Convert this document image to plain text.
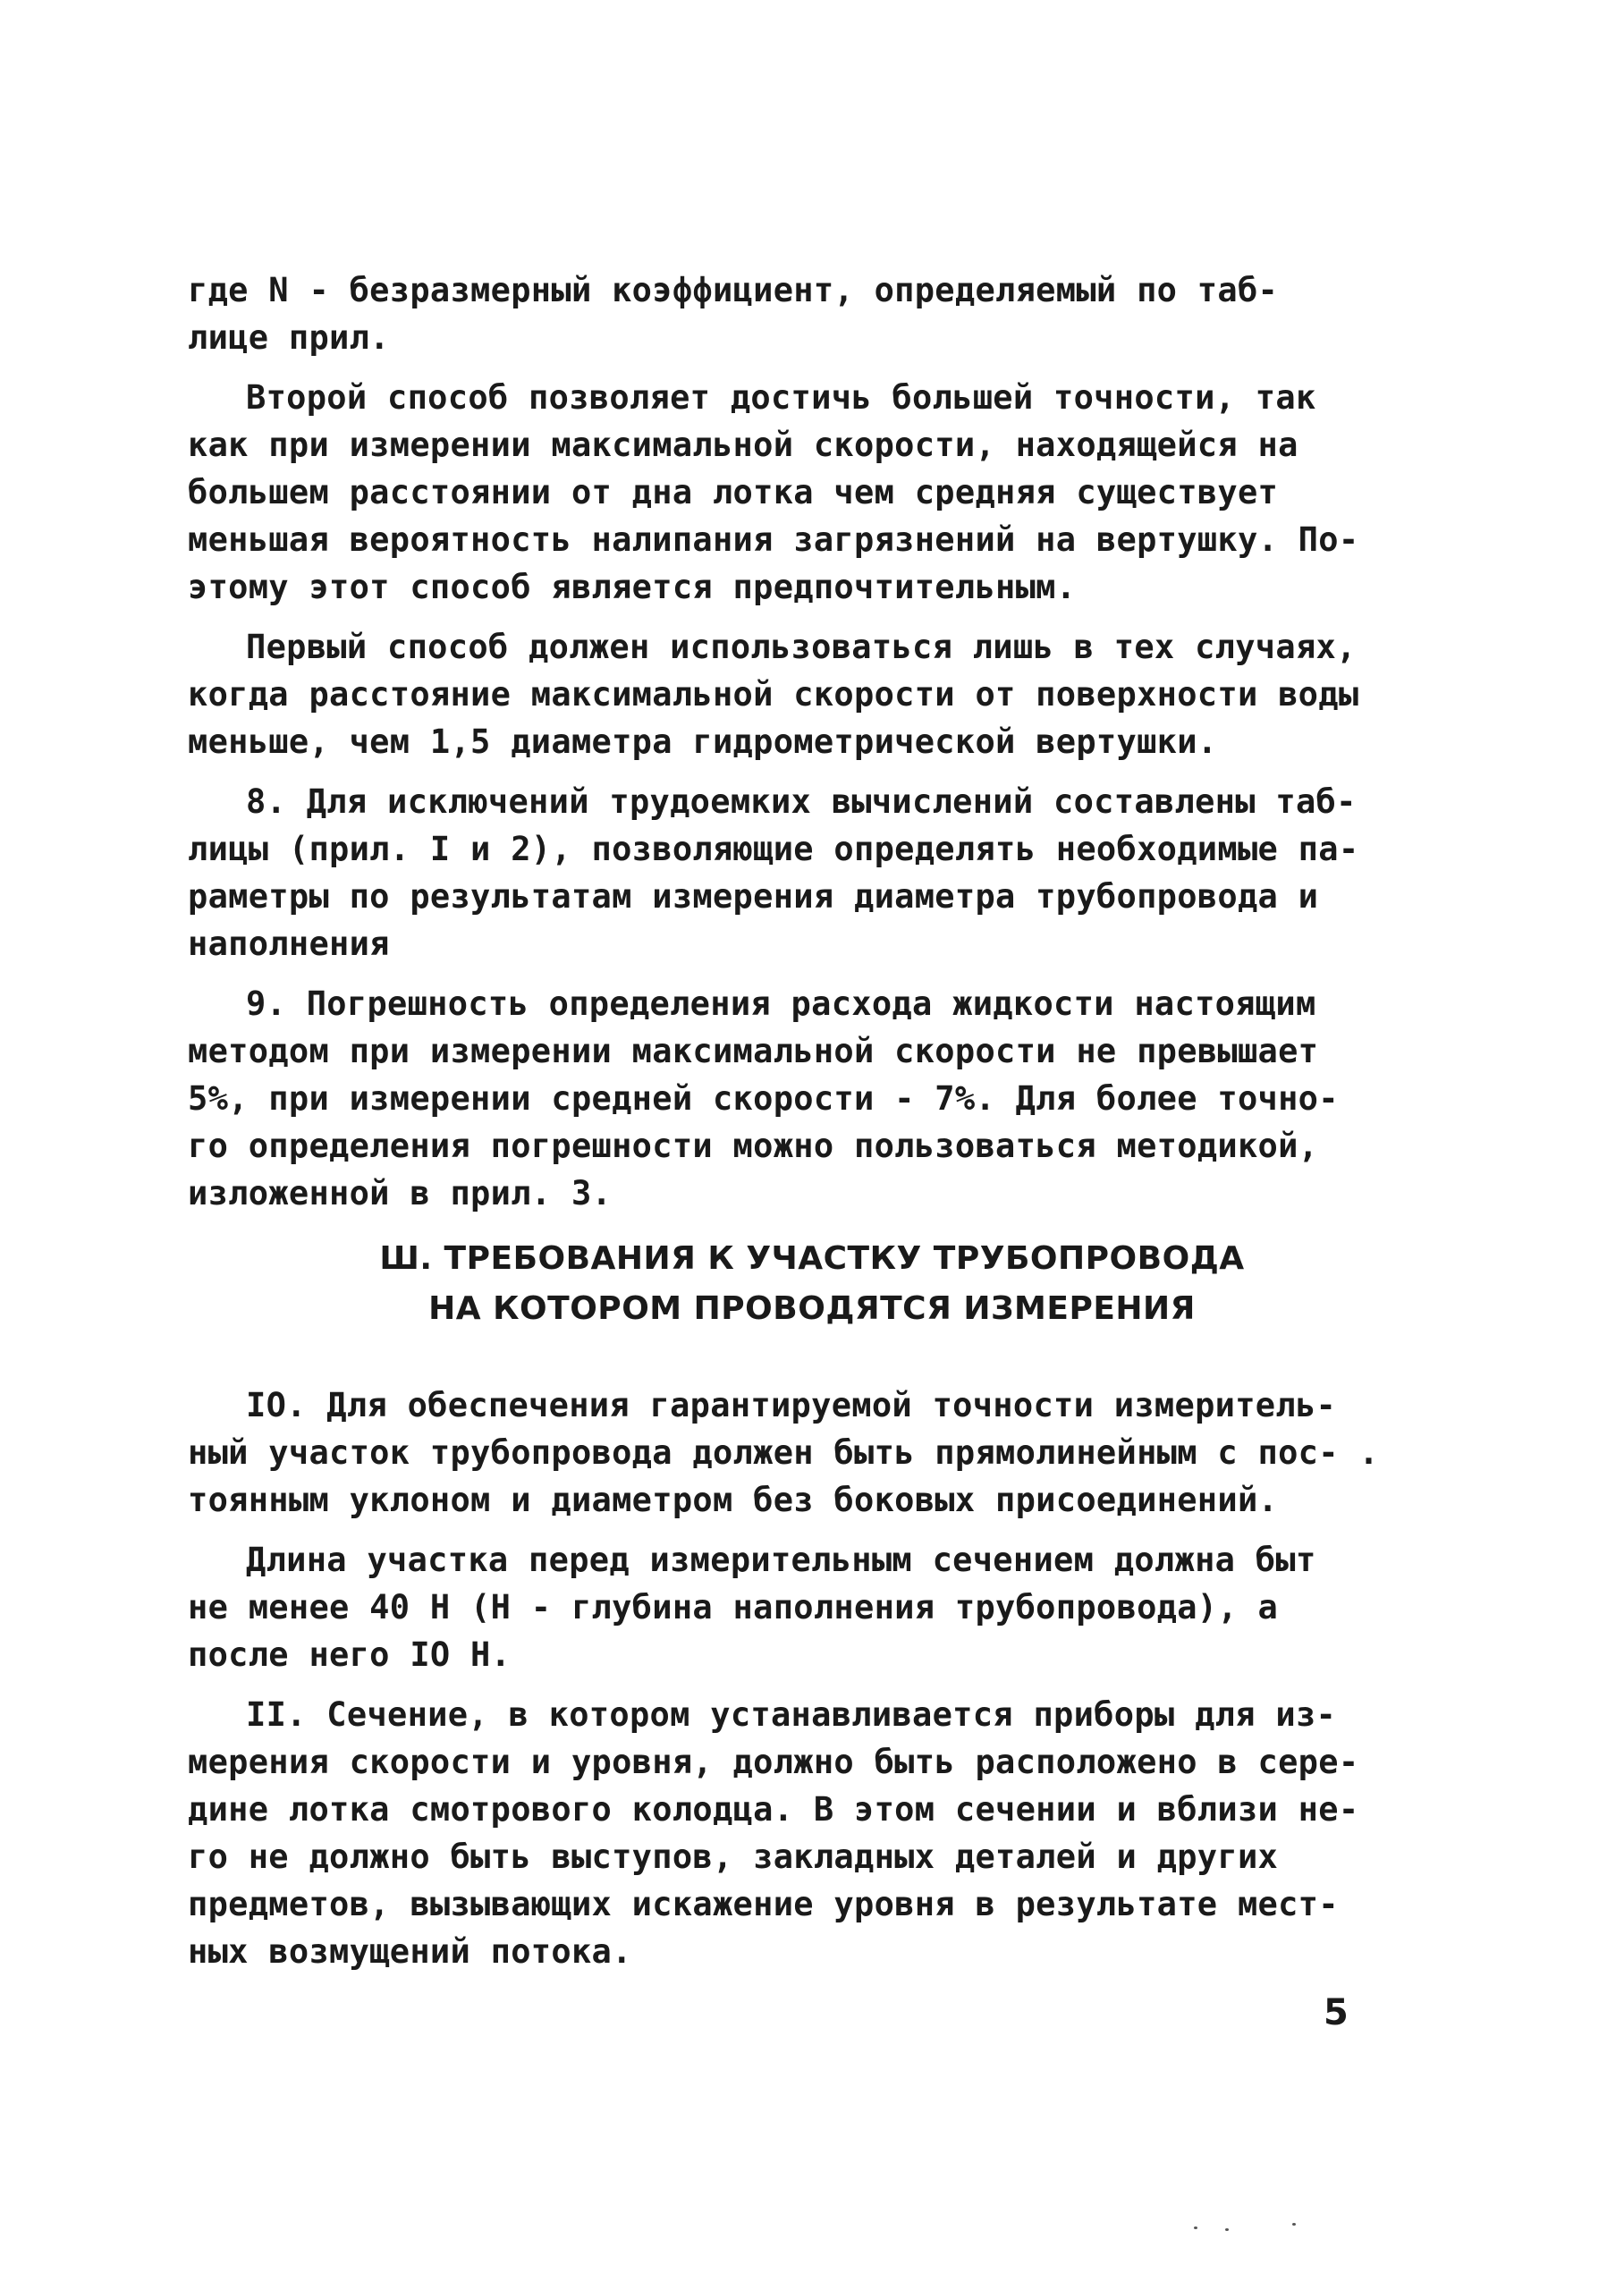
где N - безразмерный коэффициент, определяемый по таб-
лице прил.
Второй способ позволяет достичь большей точности, так
как при измерении максимальной скорости, находящейся на
большем расстоянии от дна лотка чем средняя существует
меньшая вероятность налипания загрязнений на вертушку. По-
этому этот способ является предпочтительным.
Первый способ должен использоваться лишь в тех случаях,
когда расстояние максимальной скорости от поверхности воды
меньше, чем 1,5 диаметра гидрометрической вертушки.
8. Для исключений трудоемких вычислений составлены таб-
лицы (прил. I и 2), позволяющие определять необходимые па-
раметры по результатам измерения диаметра трубопровода и
наполнения
9. Погрешность определения расхода жидкости настоящим
методом при измерении максимальной скорости не превышает
5%, при измерении средней скорости - 7%. Для более точно-
го определения погрешности можно пользоваться методикой,
изложенной в прил. 3.
Ш. ТРЕБОВАНИЯ К УЧАСТКУ ТРУБОПРОВОДА
НА КОТОРОМ ПРОВОДЯТСЯ ИЗМЕРЕНИЯ
IO. Для обеспечения гарантируемой точности измеритель-
ный участок трубопровода должен быть прямолинейным с пос- .
тоянным уклоном и диаметром без боковых присоединений.
Длина участка перед измерительным сечением должна быт
не менее 40 H (H - глубина наполнения трубопровода), а
после него IO H.
II. Сечение, в котором устанавливается приборы для из-
мерения скорости и уровня, должно быть расположено в сере-
дине лотка смотрового колодца. В этом сечении и вблизи не-
го не должно быть выступов, закладных деталей и других
предметов, вызывающих искажение уровня в результате мест-
ных возмущений потока.
5
